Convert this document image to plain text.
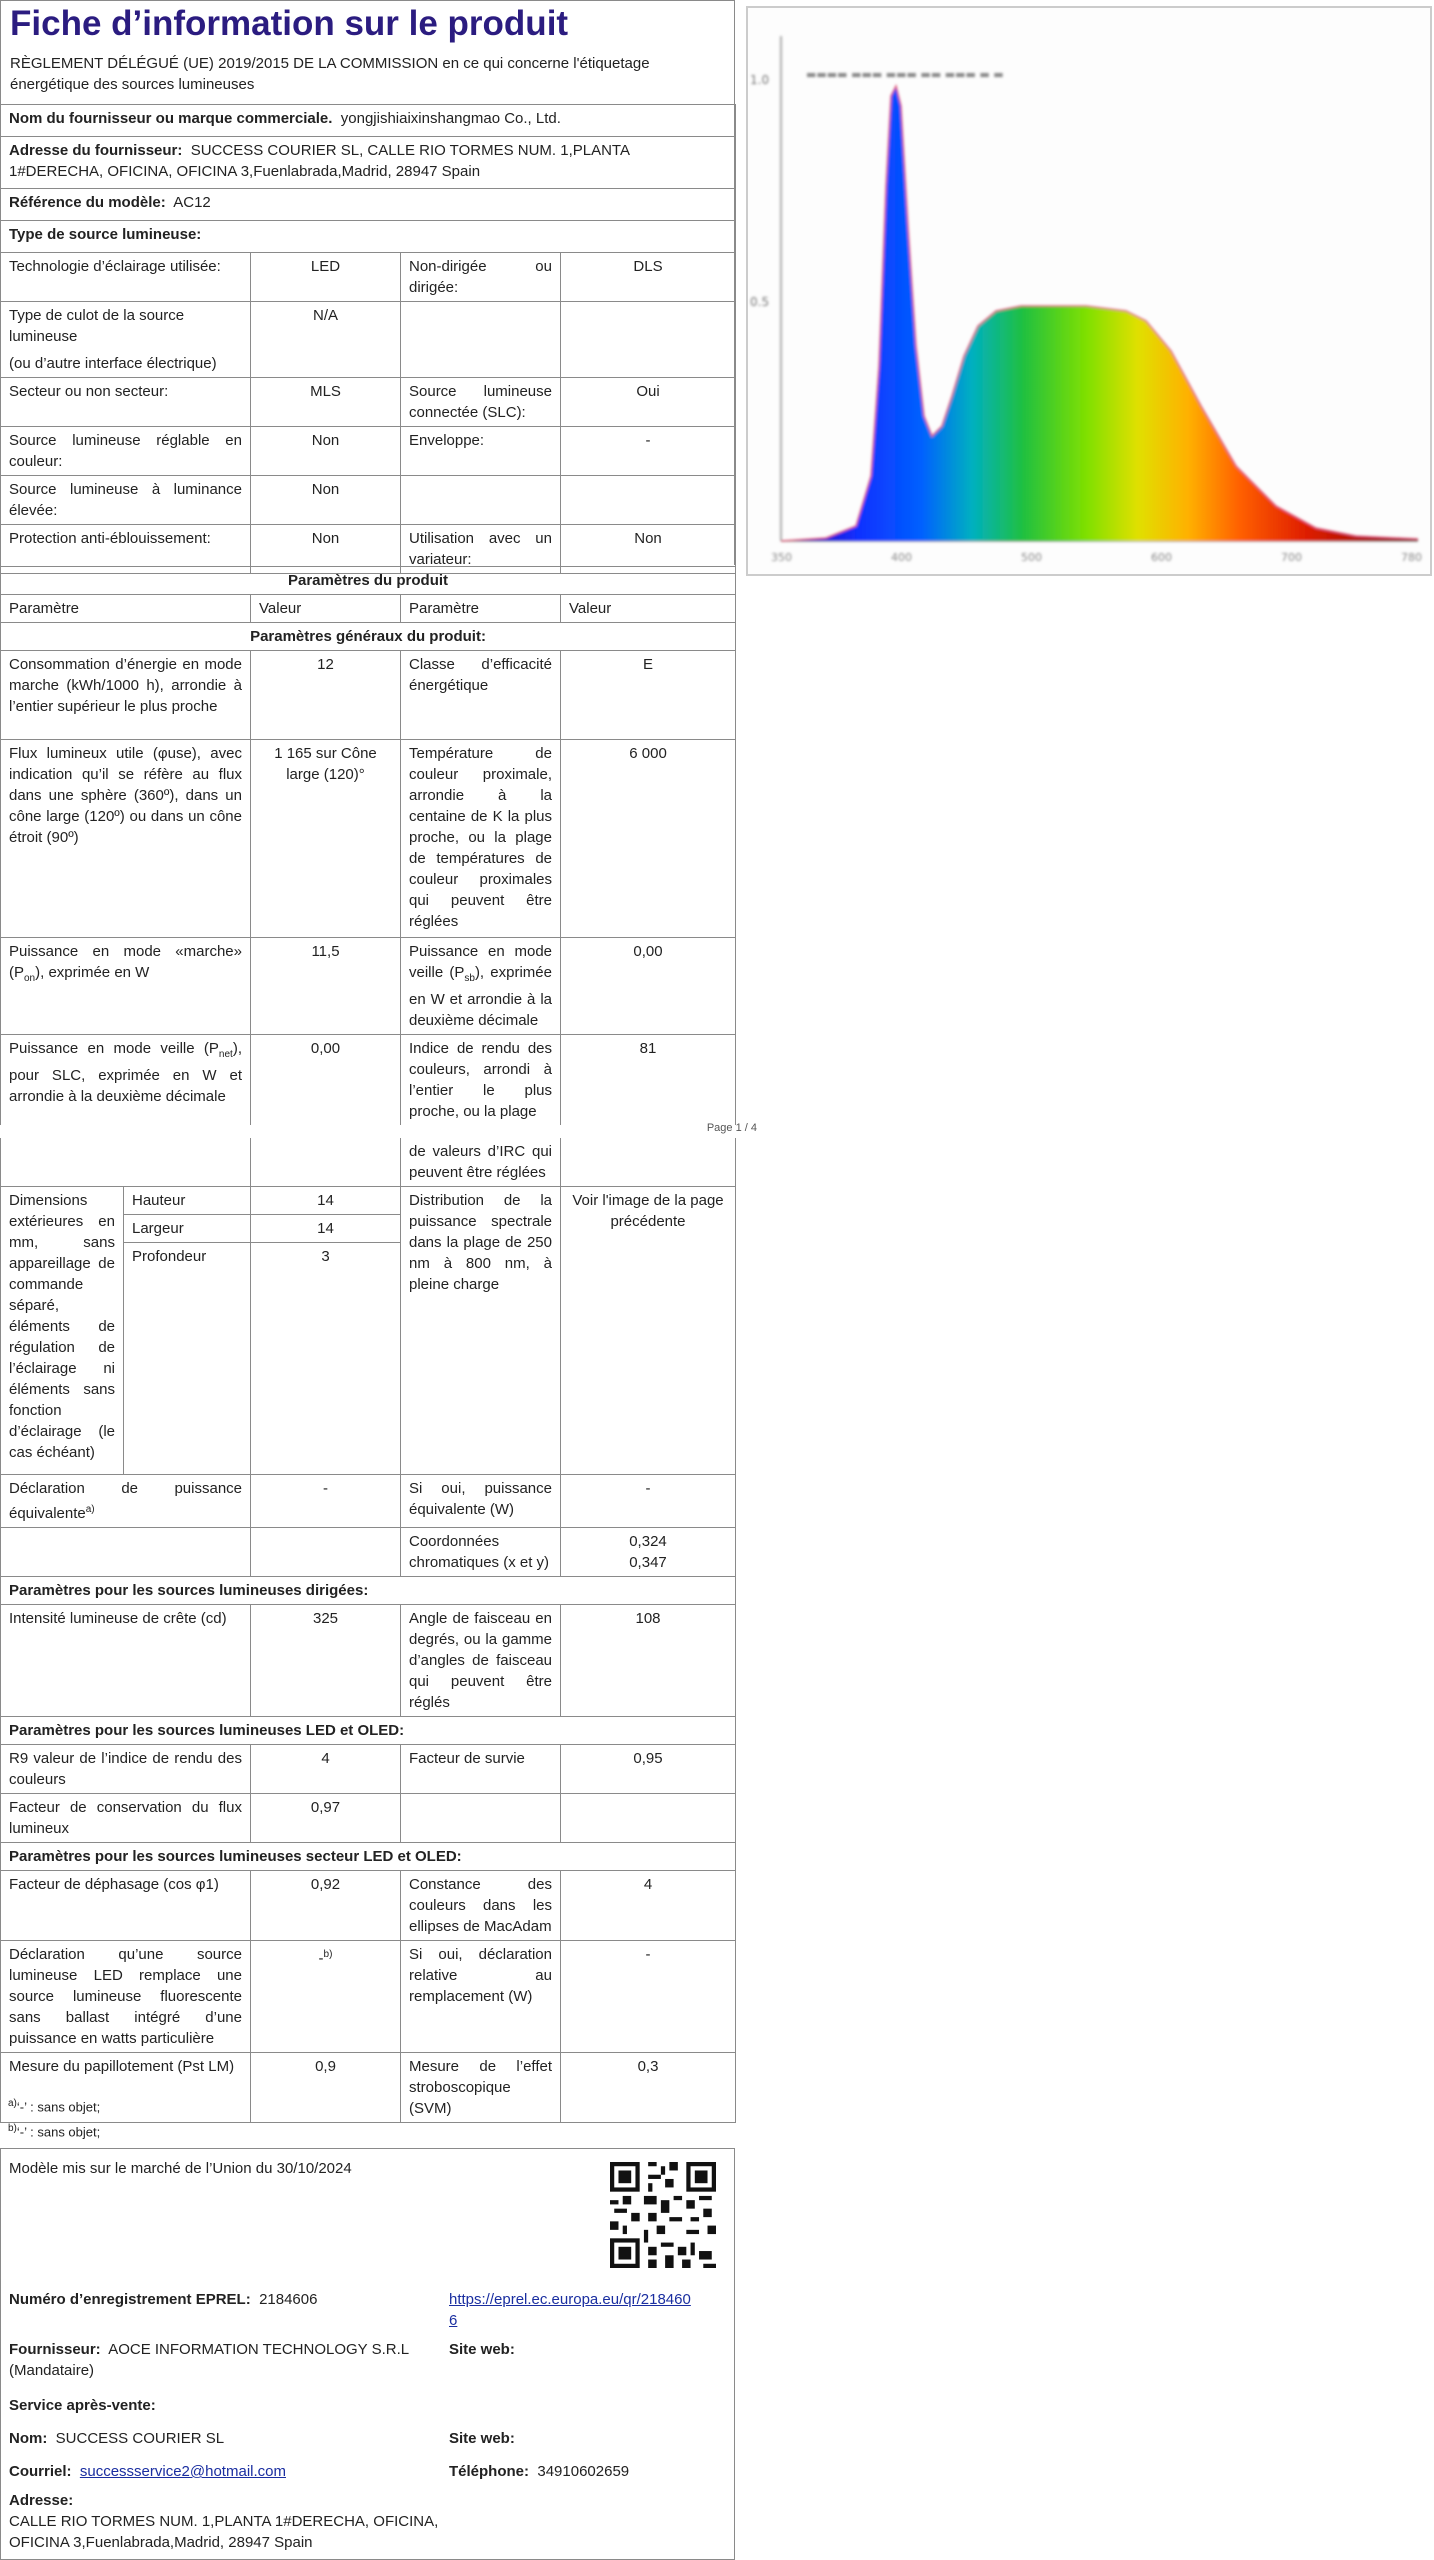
Fiche d’information sur le produit
RÈGLEMENT DÉLÉGUÉ (UE) 2019/2015 DE LA COMMISSION en ce qui concerne l'étiquetage énergétique des sources lumineuses
Nom du fournisseur ou marque commerciale. yongjishiaixinshangmao Co., Ltd.			
Adresse du fournisseur: SUCCESS COURIER SL, CALLE RIO TORMES NUM. 1,PLANTA 1#DERECHA, OFICINA, OFICINA 3,Fuenlabrada,Madrid, 28947 Spain			
Référence du modèle: AC12			
Type de source lumineuse:			
Technologie d’éclairage utilisée:	LED	Non-dirigée ou dirigée:	DLS

Type de culot de la source lumineuse
(ou d’autre interface électrique)	N/A		
Secteur ou non secteur:	MLS	Source lumineuse connectée (SLC):	Oui
Source lumineuse réglable en couleur:	Non	Enveloppe:	-
Source lumineuse à luminance élevée:	Non		
Protection anti-éblouissement:	Non	Utilisation avec un variateur:	Non
Paramètres du produit			
Paramètre	Valeur	Paramètre	Valeur
Paramètres généraux du produit:			
Consommation d’énergie en mode marche (kWh/1000 h), arrondie à l’entier supérieur le plus proche	12	Classe d’efficacité énergétique	E
Flux lumineux utile (φuse), avec indication qu’il se réfère au flux dans une sphère (360º), dans un cône large (120º) ou dans un cône étroit (90º)	1 165 sur Cône large (120)°	Température de couleur proximale, arrondie à la centaine de K la plus proche, ou la plage de températures de couleur proximales qui peuvent être réglées	6 000
Puissance en mode «marche» $(P_{on})$, exprimée en W	11,5	Puissance en mode veille $(P_{sb})$, exprimée en W et arrondie à la deuxième décimale	0,00
Puissance en mode veille $(P_{net})$, pour SLC, exprimée en W et arrondie à la deuxième décimale	0,00	Indice de rendu des couleurs, arrondi à l’entier le plus proche, ou la plage	81
1.0
0.5
▬▬▬▬ ▬▬▬ ▬▬▬ ▬▬ ▬▬▬ ▬ ▬
350	400	500	600	700	780
Page 1 / 4
			de valeurs d’IRC qui peuvent être réglées	
Dimensions extérieures en mm, sans appareillage de commande séparé, éléments de régulation de l’éclairage ni éléments sans fonction d’éclairage (le cas échéant)	Hauteur	14	Distribution de la puissance spectrale dans la plage de 250 nm à 800 nm, à pleine charge	Voir l'image de la page précédente
	Largeur	14		
	Profondeur	3		
Déclaration de puissance équivalente$^{a)}$		-	Si oui, puissance équivalente (W)	-
			Coordonnées chromatiques (x et y)	0,324
0,347

Paramètres pour les sources lumineuses dirigées:				
Intensité lumineuse de crête (cd)		325	Angle de faisceau en degrés, ou la gamme d’angles de faisceau qui peuvent être réglés	108
Paramètres pour les sources lumineuses LED et OLED:				
R9 valeur de l’indice de rendu des couleurs		4	Facteur de survie	0,95
Facteur de conservation du flux lumineux		0,97		
Paramètres pour les sources lumineuses secteur LED et OLED:				
Facteur de déphasage (cos φ1)		0,92	Constance des couleurs dans les ellipses de MacAdam	4
Déclaration qu’une source lumineuse LED remplace une source lumineuse fluorescente sans ballast intégré d’une puissance en watts particulière		-$^{b)}$	Si oui, déclaration relative au remplacement (W)	-
Mesure du papillotement (Pst LM)		0,9	Mesure de l’effet stroboscopique (SVM)	0,3
$^{a)}$‘-’ : sans objet;
$^{b)}$‘-’ : sans objet;
Modèle mis sur le marché de l’Union du 30/10/2024
Numéro d’enregistrement EPREL: 2184606	https://eprel.ec.europa.eu/qr/2184606
Fournisseur: AOCE INFORMATION TECHNOLOGY S.R.L (Mandataire)
Site web:
Service après-vente:
Nom: SUCCESS COURIER SL	Site web:
Courriel: successservice2@hotmail.com	Téléphone: 34910602659
Adresse:
CALLE RIO TORMES NUM. 1,PLANTA 1#DERECHA, OFICINA, OFICINA 3,Fuenlabrada,Madrid, 28947 Spain
